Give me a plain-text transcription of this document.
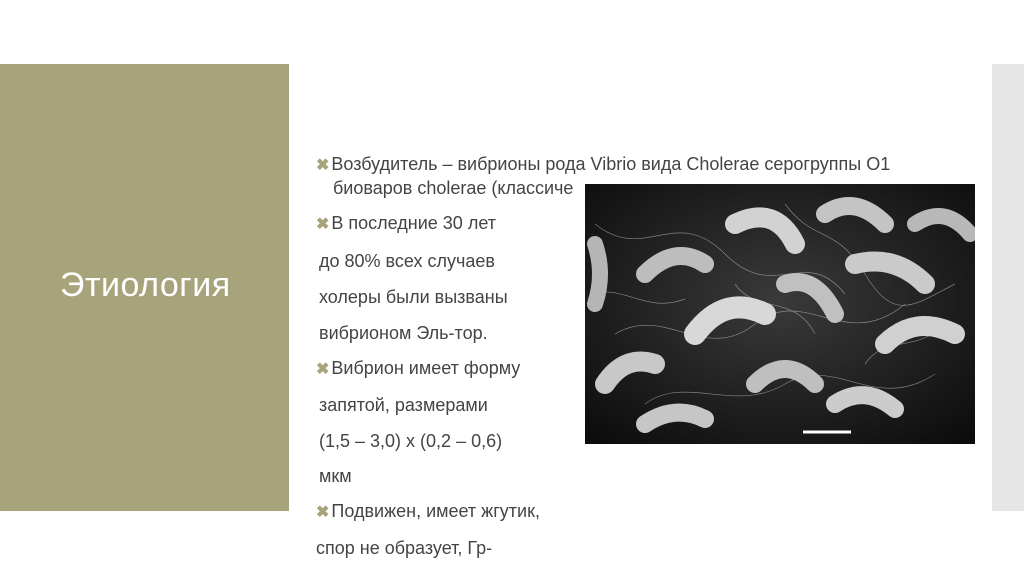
Этиология

✖ Возбудитель – вибрионы рода Vibrio вида Cholerae серогруппы О1

биоваров cholerae (классиче

✖ В последние 30 лет

до 80% всех случаев

холеры были вызваны

вибрионом Эль-тор.

✖ Вибрион имеет форму

запятой, размерами

(1,5 – 3,0) х (0,2 – 0,6)

мкм

✖ Подвижен, имеет жгутик,

спор не образует, Гр-
